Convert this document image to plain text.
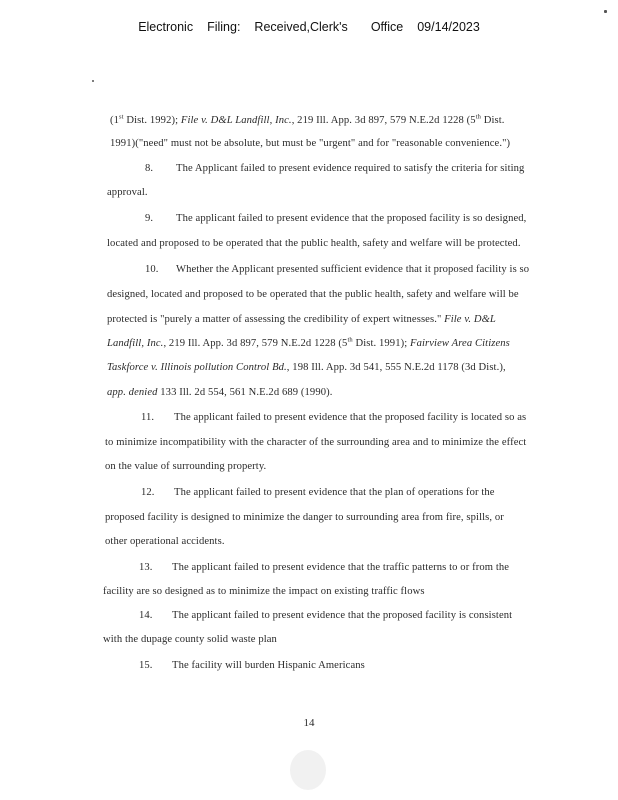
Electronic Filing: Received,Clerk's Office 09/14/2023
(1st Dist. 1992); File v. D&L Landfill, Inc., 219 Ill. App. 3d 897, 579 N.E.2d 1228 (5th Dist.
1991)("need" must not be absolute, but must be "urgent" and for "reasonable convenience.")
8. The Applicant failed to present evidence required to satisfy the criteria for siting
approval.
9. The applicant failed to present evidence that the proposed facility is so designed,
located and proposed to be operated that the public health, safety and welfare will be protected.
10. Whether the Applicant presented sufficient evidence that it proposed facility is so
designed, located and proposed to be operated that the public health, safety and welfare will be
protected is "purely a matter of assessing the credibility of expert witnesses." File v. D&L
Landfill, Inc., 219 Ill. App. 3d 897, 579 N.E.2d 1228 (5th Dist. 1991); Fairview Area Citizens
Taskforce v. Illinois pollution Control Bd., 198 Ill. App. 3d 541, 555 N.E.2d 1178 (3d Dist.),
app. denied 133 Ill. 2d 554, 561 N.E.2d 689 (1990).
11. The applicant failed to present evidence that the proposed facility is located so as
to minimize incompatibility with the character of the surrounding area and to minimize the effect
on the value of surrounding property.
12. The applicant failed to present evidence that the plan of operations for the
proposed facility is designed to minimize the danger to surrounding area from fire, spills, or
other operational accidents.
13. The applicant failed to present evidence that the traffic patterns to or from the
facility are so designed as to minimize the impact on existing traffic flows
14. The applicant failed to present evidence that the proposed facility is consistent
with the dupage county solid waste plan
15. The facility will burden Hispanic Americans
14
